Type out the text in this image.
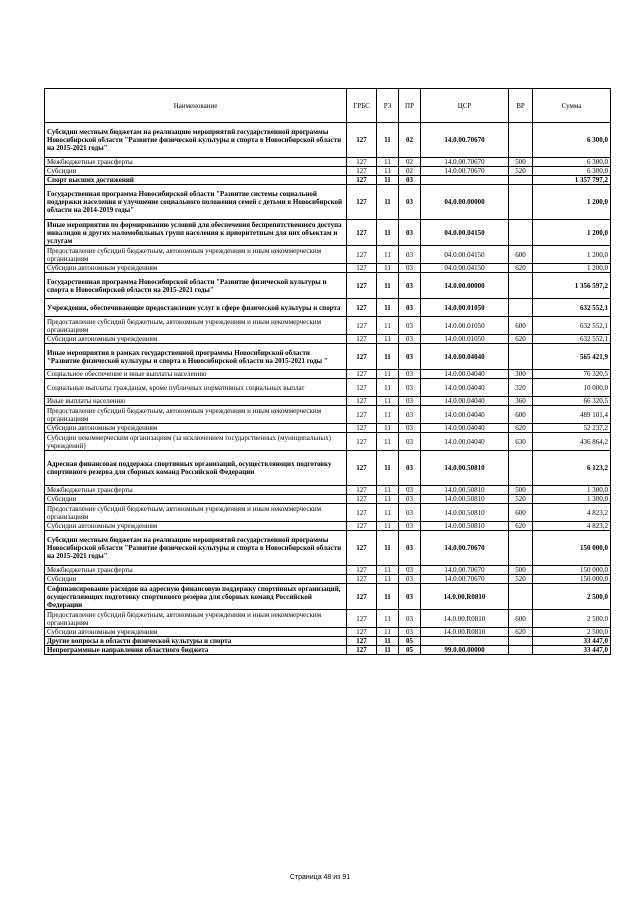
Наименование	ГРБС	РЗ	ПР	ЦСР	ВР	Сумма
Субсидии местным бюджетам на реализацию мероприятий государственной программы Новосибирской области "Развитие физической культуры и спорта в Новосибирской области на 2015-2021 годы"	127	11	02	14.0.00.70670		6 300,0
Межбюджетные трансферты	127	11	02	14.0.00.70670	500	6 300,0
Субсидии	127	11	02	14.0.00.70670	520	6 300,0
Спорт высших достижений	127	11	03			1 357 797,2
Государственная программа Новосибирской области "Развитие системы социальной поддержки населения и улучшение социального положения семей с детьми в Новосибирской области на 2014-2019 годы"	127	11	03	04.0.00.00000		1 200,0
Иные мероприятия по формированию условий для обеспечения беспрепятственного доступа инвалидов и других маломобильных групп населения к приоритетным для них объектам и услугам	127	11	03	04.0.00.04150		1 200,0
Предоставление субсидий бюджетным, автономным учреждениям и иным некоммерческим организациям	127	11	03	04.0.00.04150	600	1 200,0
Субсидии автономным учреждениям	127	11	03	04.0.00.04150	620	1 200,0
Государственная программа Новосибирской области "Развитие физической культуры и спорта в Новосибирской области на 2015-2021 годы"	127	11	03	14.0.00.00000		1 356 597,2
Учреждения, обеспечивающие предоставление услуг в сфере физической культуры и спорта	127	11	03	14.0.00.01050		632 552,1
Предоставление субсидий бюджетным, автономным учреждениям и иным некоммерческим организациям	127	11	03	14.0.00.01050	600	632 552,1
Субсидии автономным учреждениям	127	11	03	14.0.00.01050	620	632 552,1
Иные мероприятия в рамках государственной программы Новосибирской области "Развитие физической культуры и спорта в Новосибирской области на 2015-2021 годы "	127	11	03	14.0.00.04040		565 421,9
Социальное обеспечение и иные выплаты населению	127	11	03	14.0.00.04040	300	76 320,5
Социальные выплаты гражданам, кроме публичных нормативных социальных выплат	127	11	03	14.0.00.04040	320	10 000,0
Иные выплаты населению	127	11	03	14.0.00.04040	360	66 320,5
Предоставление субсидий бюджетным, автономным учреждениям и иным некоммерческим организациям	127	11	03	14.0.00.04040	600	489 101,4
Субсидии автономным учреждениям	127	11	03	14.0.00.04040	620	52 237,2
Субсидии некоммерческим организациям (за исключением государственных (муниципальных) учреждений)	127	11	03	14.0.00.04040	630	436 864,2
Адресная финансовая поддержка спортивных организаций, осуществляющих подготовку спортивного резерва для сборных команд Российской Федерации	127	11	03	14.0.00.50810		6 123,2
Межбюджетные трансферты	127	11	03	14.0.00.50810	500	1 300,0
Субсидии	127	11	03	14.0.00.50810	520	1 300,0
Предоставление субсидий бюджетным, автономным учреждениям и иным некоммерческим организациям	127	11	03	14.0.00.50810	600	4 823,2
Субсидии автономным учреждениям	127	11	03	14.0.00.50810	620	4 823,2
Субсидии местным бюджетам на реализацию мероприятий государственной программы Новосибирской области "Развитие физической культуры и спорта в Новосибирской области на 2015-2021 годы"	127	11	03	14.0.00.70670		150 000,0
Межбюджетные трансферты	127	11	03	14.0.00.70670	500	150 000,0
Субсидии	127	11	03	14.0.00.70670	520	150 000,0
Софинансирование расходов на адресную финансовую поддержку спортивных организаций, осуществляющих подготовку спортивного резерва для сборных команд Российской Федерации	127	11	03	14.0.00.R0810		2 500,0
Предоставление субсидий бюджетным, автономным учреждениям и иным некоммерческим организациям	127	11	03	14.0.00.R0810	600	2 500,0
Субсидии автономным учреждениям	127	11	03	14.0.00.R0810	620	2 500,0
Другие вопросы в области физической культуры и спорта	127	11	05			33 447,0
Непрограммные направления областного бюджета	127	11	05	99.0.00.00000		33 447,0
Страница 48 из 91
